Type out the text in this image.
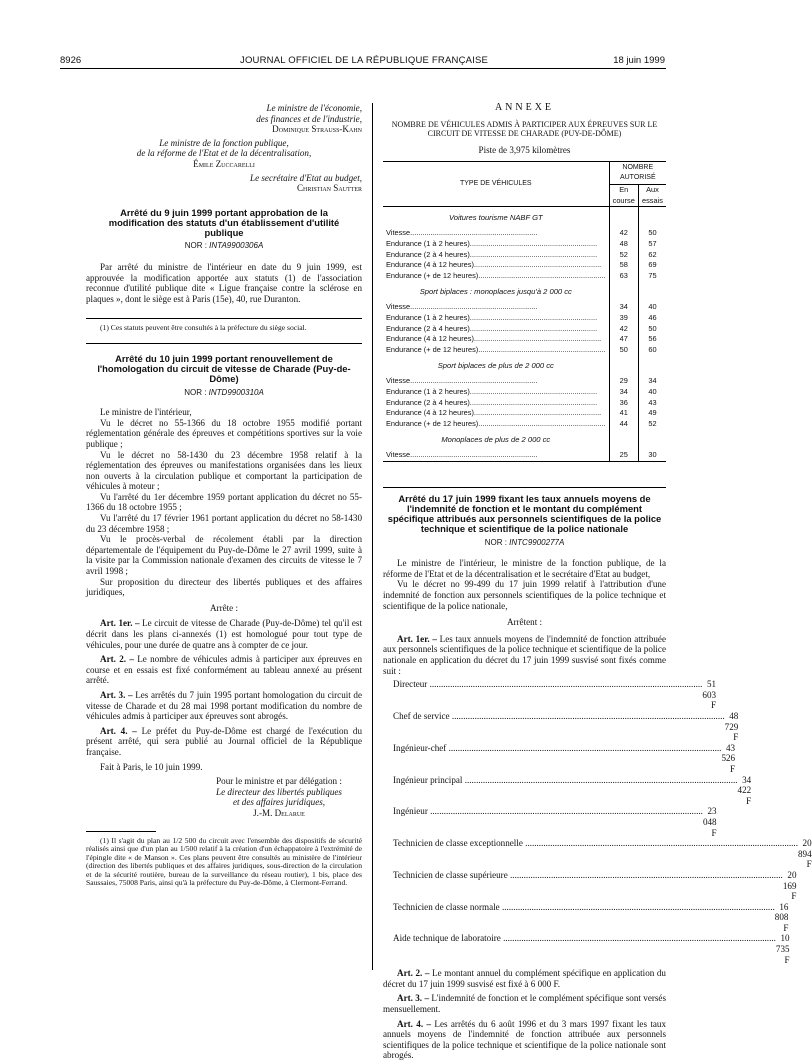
8926	JOURNAL OFFICIEL DE LA RÉPUBLIQUE FRANÇAISE	18 juin 1999
Le ministre de l'économie,
des finances et de l'industrie,
Dominique Strauss-Kahn
Le ministre de la fonction publique,
de la réforme de l'Etat et de la décentralisation,
Émile Zuccarelli
Le secrétaire d'Etat au budget,
Christian Sautter
Arrêté du 9 juin 1999 portant approbation de la modification des statuts d'un établissement d'utilité publique
NOR : INTA9900306A

Par arrêté du ministre de l'intérieur en date du 9 juin 1999, est approuvée la modification apportée aux statuts (1) de l'association reconnue d'utilité publique dite « Ligue française contre la sclérose en plaques », dont le siège est à Paris (15e), 40, rue Duranton.

(1) Ces statuts peuvent être consultés à la préfecture du siège social.

Arrêté du 10 juin 1999 portant renouvellement de l'homologation du circuit de vitesse de Charade (Puy-de-Dôme)
NOR : INTD9900310A

Le ministre de l'intérieur,

Vu le décret no 55-1366 du 18 octobre 1955 modifié portant réglementation générale des épreuves et compétitions sportives sur la voie publique ;

Vu le décret no 58-1430 du 23 décembre 1958 relatif à la réglementation des épreuves ou manifestations organisées dans les lieux non ouverts à la circulation publique et comportant la participation de véhicules à moteur ;

Vu l'arrêté du 1er décembre 1959 portant application du décret no 55-1366 du 18 octobre 1955 ;

Vu l'arrêté du 17 février 1961 portant application du décret no 58-1430 du 23 décembre 1958 ;

Vu le procès-verbal de récolement établi par la direction départementale de l'équipement du Puy-de-Dôme le 27 avril 1999, suite à la visite par la Commission nationale d'examen des circuits de vitesse le 7 avril 1998 ;

Sur proposition du directeur des libertés publiques et des affaires juridiques,

Arrête :

Art. 1er. – Le circuit de vitesse de Charade (Puy-de-Dôme) tel qu'il est décrit dans les plans ci-annexés (1) est homologué pour tout type de véhicules, pour une durée de quatre ans à compter de ce jour.

Art. 2. – Le nombre de véhicules admis à participer aux épreuves en course et en essais est fixé conformément au tableau annexé au présent arrêté.

Art. 3. – Les arrêtés du 7 juin 1995 portant homologation du circuit de vitesse de Charade et du 28 mai 1998 portant modification du nombre de véhicules admis à participer aux épreuves sont abrogés.

Art. 4. – Le préfet du Puy-de-Dôme est chargé de l'exécution du présent arrêté, qui sera publié au Journal officiel de la République française.

Fait à Paris, le 10 juin 1999.

Pour le ministre et par délégation :
Le directeur des libertés publiques
et des affaires juridiques,
J.-M. Delarue

(1) Il s'agit du plan au 1/2 500 du circuit avec l'ensemble des dispositifs de sécurité réalisés ainsi que d'un plan au 1/500 relatif à la création d'un échappatoire à l'extrémité de l'épingle dite « de Manson ». Ces plans peuvent être consultés au ministère de l'intérieur (direction des libertés publiques et des affaires juridiques, sous-direction de la circulation et de la sécurité routière, bureau de la surveillance du réseau routier), 1 bis, place des Saussaies, 75008 Paris, ainsi qu'à la préfecture du Puy-de-Dôme, à Clermont-Ferrand.

ANNEXE
NOMBRE DE VÉHICULES ADMIS À PARTICIPER AUX ÉPREUVES SUR LE CIRCUIT DE VITESSE DE CHARADE (PUY-DE-DÔME)
Piste de 3,975 kilomètres
TYPE DE VÉHICULES	NOMBRE AUTORISÉ	
	En course	Aux essais
Voitures tourisme NABF GT		
Vitesse..............................................................	42	50
Endurance (1 à 2 heures)..............................................................	48	57
Endurance (2 à 4 heures)..............................................................	52	62
Endurance (4 à 12 heures)..............................................................	58	69
Endurance (+ de 12 heures)..............................................................	63	75
Sport biplaces : monoplaces jusqu'à 2 000 cc		
Vitesse..............................................................	34	40
Endurance (1 à 2 heures)..............................................................	39	46
Endurance (2 à 4 heures)..............................................................	42	50
Endurance (4 à 12 heures)..............................................................	47	56
Endurance (+ de 12 heures)..............................................................	50	60
Sport biplaces de plus de 2 000 cc		
Vitesse..............................................................	29	34
Endurance (1 à 2 heures)..............................................................	34	40
Endurance (2 à 4 heures)..............................................................	36	43
Endurance (4 à 12 heures)..............................................................	41	49
Endurance (+ de 12 heures)..............................................................	44	52
Monoplaces de plus de 2 000 cc		
Vitesse..............................................................	25	30
Arrêté du 17 juin 1999 fixant les taux annuels moyens de l'indemnité de fonction et le montant du complément spécifique attribués aux personnels scientifiques de la police technique et scientifique de la police nationale
NOR : INTC9900277A

Le ministre de l'intérieur, le ministre de la fonction publique, de la réforme de l'Etat et de la décentralisation et le secrétaire d'Etat au budget,

Vu le décret no 99-499 du 17 juin 1999 relatif à l'attribution d'une indemnité de fonction aux personnels scientifiques de la police technique et scientifique de la police nationale,

Arrêtent :

Art. 1er. – Les taux annuels moyens de l'indemnité de fonction attribuée aux personnels scientifiques de la police technique et scientifique de la police nationale en application du décret du 17 juin 1999 susvisé sont fixés comme suit :

Directeur ........................................................................................................................ 51 603 F
Chef de service ........................................................................................................................ 48 729 F
Ingénieur-chef ........................................................................................................................ 43 526 F
Ingénieur principal ........................................................................................................................ 34 422 F
Ingénieur ........................................................................................................................ 23 048 F
Technicien de classe exceptionnelle ........................................................................................................................ 20 894 F
Technicien de classe supérieure ........................................................................................................................ 20 169 F
Technicien de classe normale ........................................................................................................................ 16 808 F
Aide technique de laboratoire ........................................................................................................................ 10 735 F

Art. 2. – Le montant annuel du complément spécifique en application du décret du 17 juin 1999 susvisé est fixé à 6 000 F.

Art. 3. – L'indemnité de fonction et le complément spécifique sont versés mensuellement.

Art. 4. – Les arrêtés du 6 août 1996 et du 3 mars 1997 fixant les taux annuels moyens de l'indemnité de fonction attribuée aux personnels scientifiques de la police technique et scientifique de la police nationale sont abrogés.
